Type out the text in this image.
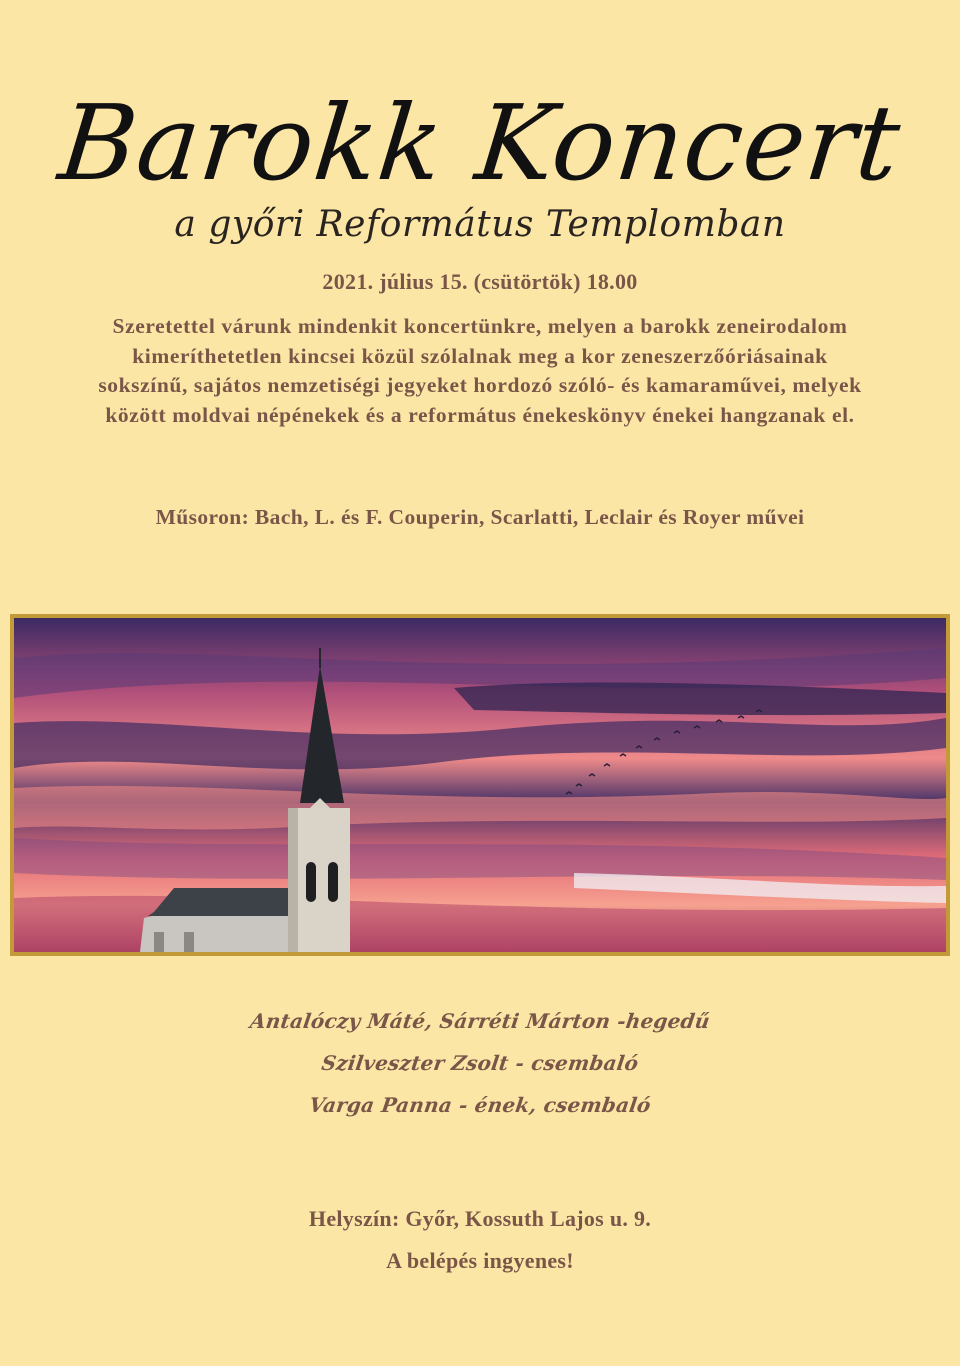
Barokk Koncert
a győri Református Templomban
2021. július 15. (csütörtök) 18.00

Szeretettel várunk mindenkit koncertünkre, melyen a barokk zeneirodalom kimeríthetetlen kincsei közül szólalnak meg a kor zeneszerzőóriásainak sokszínű, sajátos nemzetiségi jegyeket hordozó szóló- és kamaraművei, melyek között moldvai népénekek és a református énekeskönyv énekei hangzanak el.

Műsoron: Bach, L. és F. Couperin, Scarlatti, Leclair és Royer művei

Antalóczy Máté, Sárréti Márton -hegedű
Szilveszter Zsolt - csembaló
Varga Panna - ének, csembaló
Helyszín: Győr, Kossuth Lajos u. 9.
A belépés ingyenes!
